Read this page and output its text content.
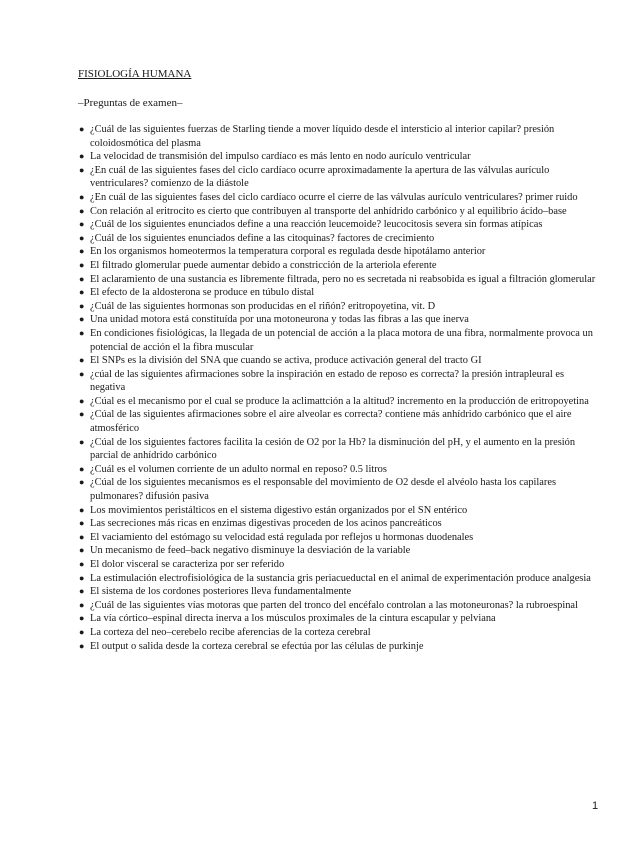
FISIOLOGÍA HUMANA

–Preguntas de examen–

● ¿Cuál de las siguientes fuerzas de Starling tiende a mover líquido desde el intersticio al interior capilar? presión coloidosmótica del plasma
● La velocidad de transmisión del impulso cardíaco es más lento en nodo aurículo ventricular
● ¿En cuál de las siguientes fases del ciclo cardíaco ocurre aproximadamente la apertura de las válvulas aurículo ventriculares? comienzo de la diástole
● ¿En cuál de las siguientes fases del ciclo cardíaco ocurre el cierre de las válvulas aurículo ventriculares? primer ruido
● Con relación al eritrocito es cierto que contribuyen al transporte del anhídrido carbónico y al equilibrio ácido–base
● ¿Cuál de los siguientes enunciados define a una reacción leucemoide? leucocitosis severa sin formas atípicas
● ¿Cuál de los siguientes enunciados define a las citoquinas? factores de crecimiento
● En los organismos homeotermos la temperatura corporal es regulada desde hipotálamo anterior
● El filtrado glomerular puede aumentar debido a constricción de la arteriola eferente
● El aclaramiento de una sustancia es libremente filtrada, pero no es secretada ni reabsobida es igual a filtración glomerular
● El efecto de la aldosterona se produce en túbulo distal
● ¿Cuál de las siguientes hormonas son producidas en el riñón? eritropoyetina, vit. D
● Una unidad motora está constituída por una motoneurona y todas las fibras a las que inerva
● En condiciones fisiológicas, la llegada de un potencial de acción a la placa motora de una fibra, normalmente provoca un potencial de acción el la fibra muscular
● El SNPs es la división del SNA que cuando se activa, produce activación general del tracto GI
● ¿cúal de las siguientes afirmaciones sobre la inspiración en estado de reposo es correcta? la presión intrapleural es negativa
● ¿Cúal es el mecanismo por el cual se produce la aclimattción a la altitud? incremento en la producción de eritropoyetina
● ¿Cúal de las siguientes afirmaciones sobre el aire alveolar es correcta? contiene más anhídrido carbónico que el aire atmosférico
● ¿Cúal de los siguientes factores facilita la cesión de O2 por la Hb? la disminución del pH, y el aumento en la presión parcial de anhídrido carbónico
● ¿Cuál es el volumen corriente de un adulto normal en reposo? 0.5 litros
● ¿Cúal de los siguientes mecanismos es el responsable del movimiento de O2 desde el alvéolo hasta los capilares pulmonares? difusión pasiva
● Los movimientos peristálticos en el sistema digestivo están organizados por el SN entérico
● Las secreciones más ricas en enzimas digestivas proceden de los acinos pancreáticos
● El vaciamiento del estómago su velocidad está regulada por reflejos u hormonas duodenales
● Un mecanismo de feed–back negativo disminuye la desviación de la variable
● El dolor visceral se caracteriza por ser referido
● La estimulación electrofisiológica de la sustancia gris periacueductal en el animal de experimentación produce analgesia
● El sistema de los cordones posteriores lleva fundamentalmente
● ¿Cuál de las siguientes vías motoras que parten del tronco del encéfalo controlan a las motoneuronas? la rubroespinal
● La vía córtico–espinal directa inerva a los músculos proximales de la cintura escapular y pelviana
● La corteza del neo–cerebelo recibe aferencias de la corteza cerebral
● El output o salida desde la corteza cerebral se efectúa por las células de purkinje
1
